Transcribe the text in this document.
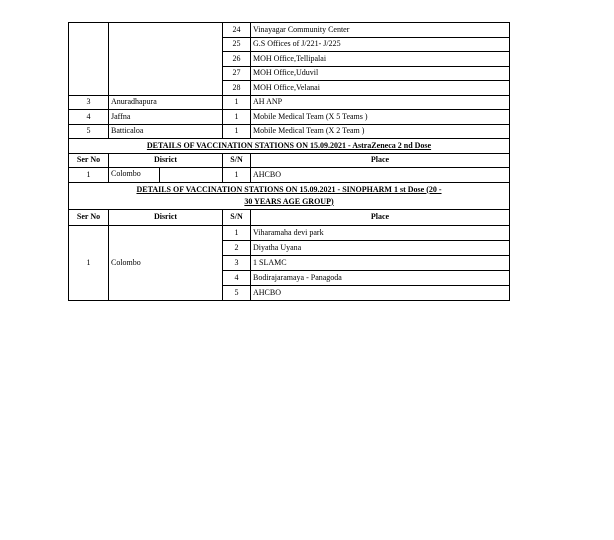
		24	Vinayagar Community Center
		25	G.S Offices of J/221- J/225
		26	MOH Office,Tellipalai
		27	MOH Office,Uduvil
		28	MOH Office,Velanai
3	Anuradhapura	1	AH ANP
4	Jaffna	1	Mobile Medical Team (X 5 Teams )
5	Batticaloa	1	Mobile Medical Team (X 2 Team )
DETAILS OF VACCINATION STATIONS ON 15.09.2021 - AstraZeneca 2 nd Dose			
Ser No	Disrict	S/N	Place
1	Colombo	1	AHCBO

DETAILS OF VACCINATION STATIONS ON 15.09.2021 - SINOPHARM 1 st Dose (20 -
30 YEARS AGE GROUP)			

Ser No	Disrict	S/N	Place
1	Colombo	1	Viharamaha devi park
		2	Diyatha Uyana
		3	1 SLAMC
		4	Bodirajaramaya - Panagoda
		5	AHCBO
